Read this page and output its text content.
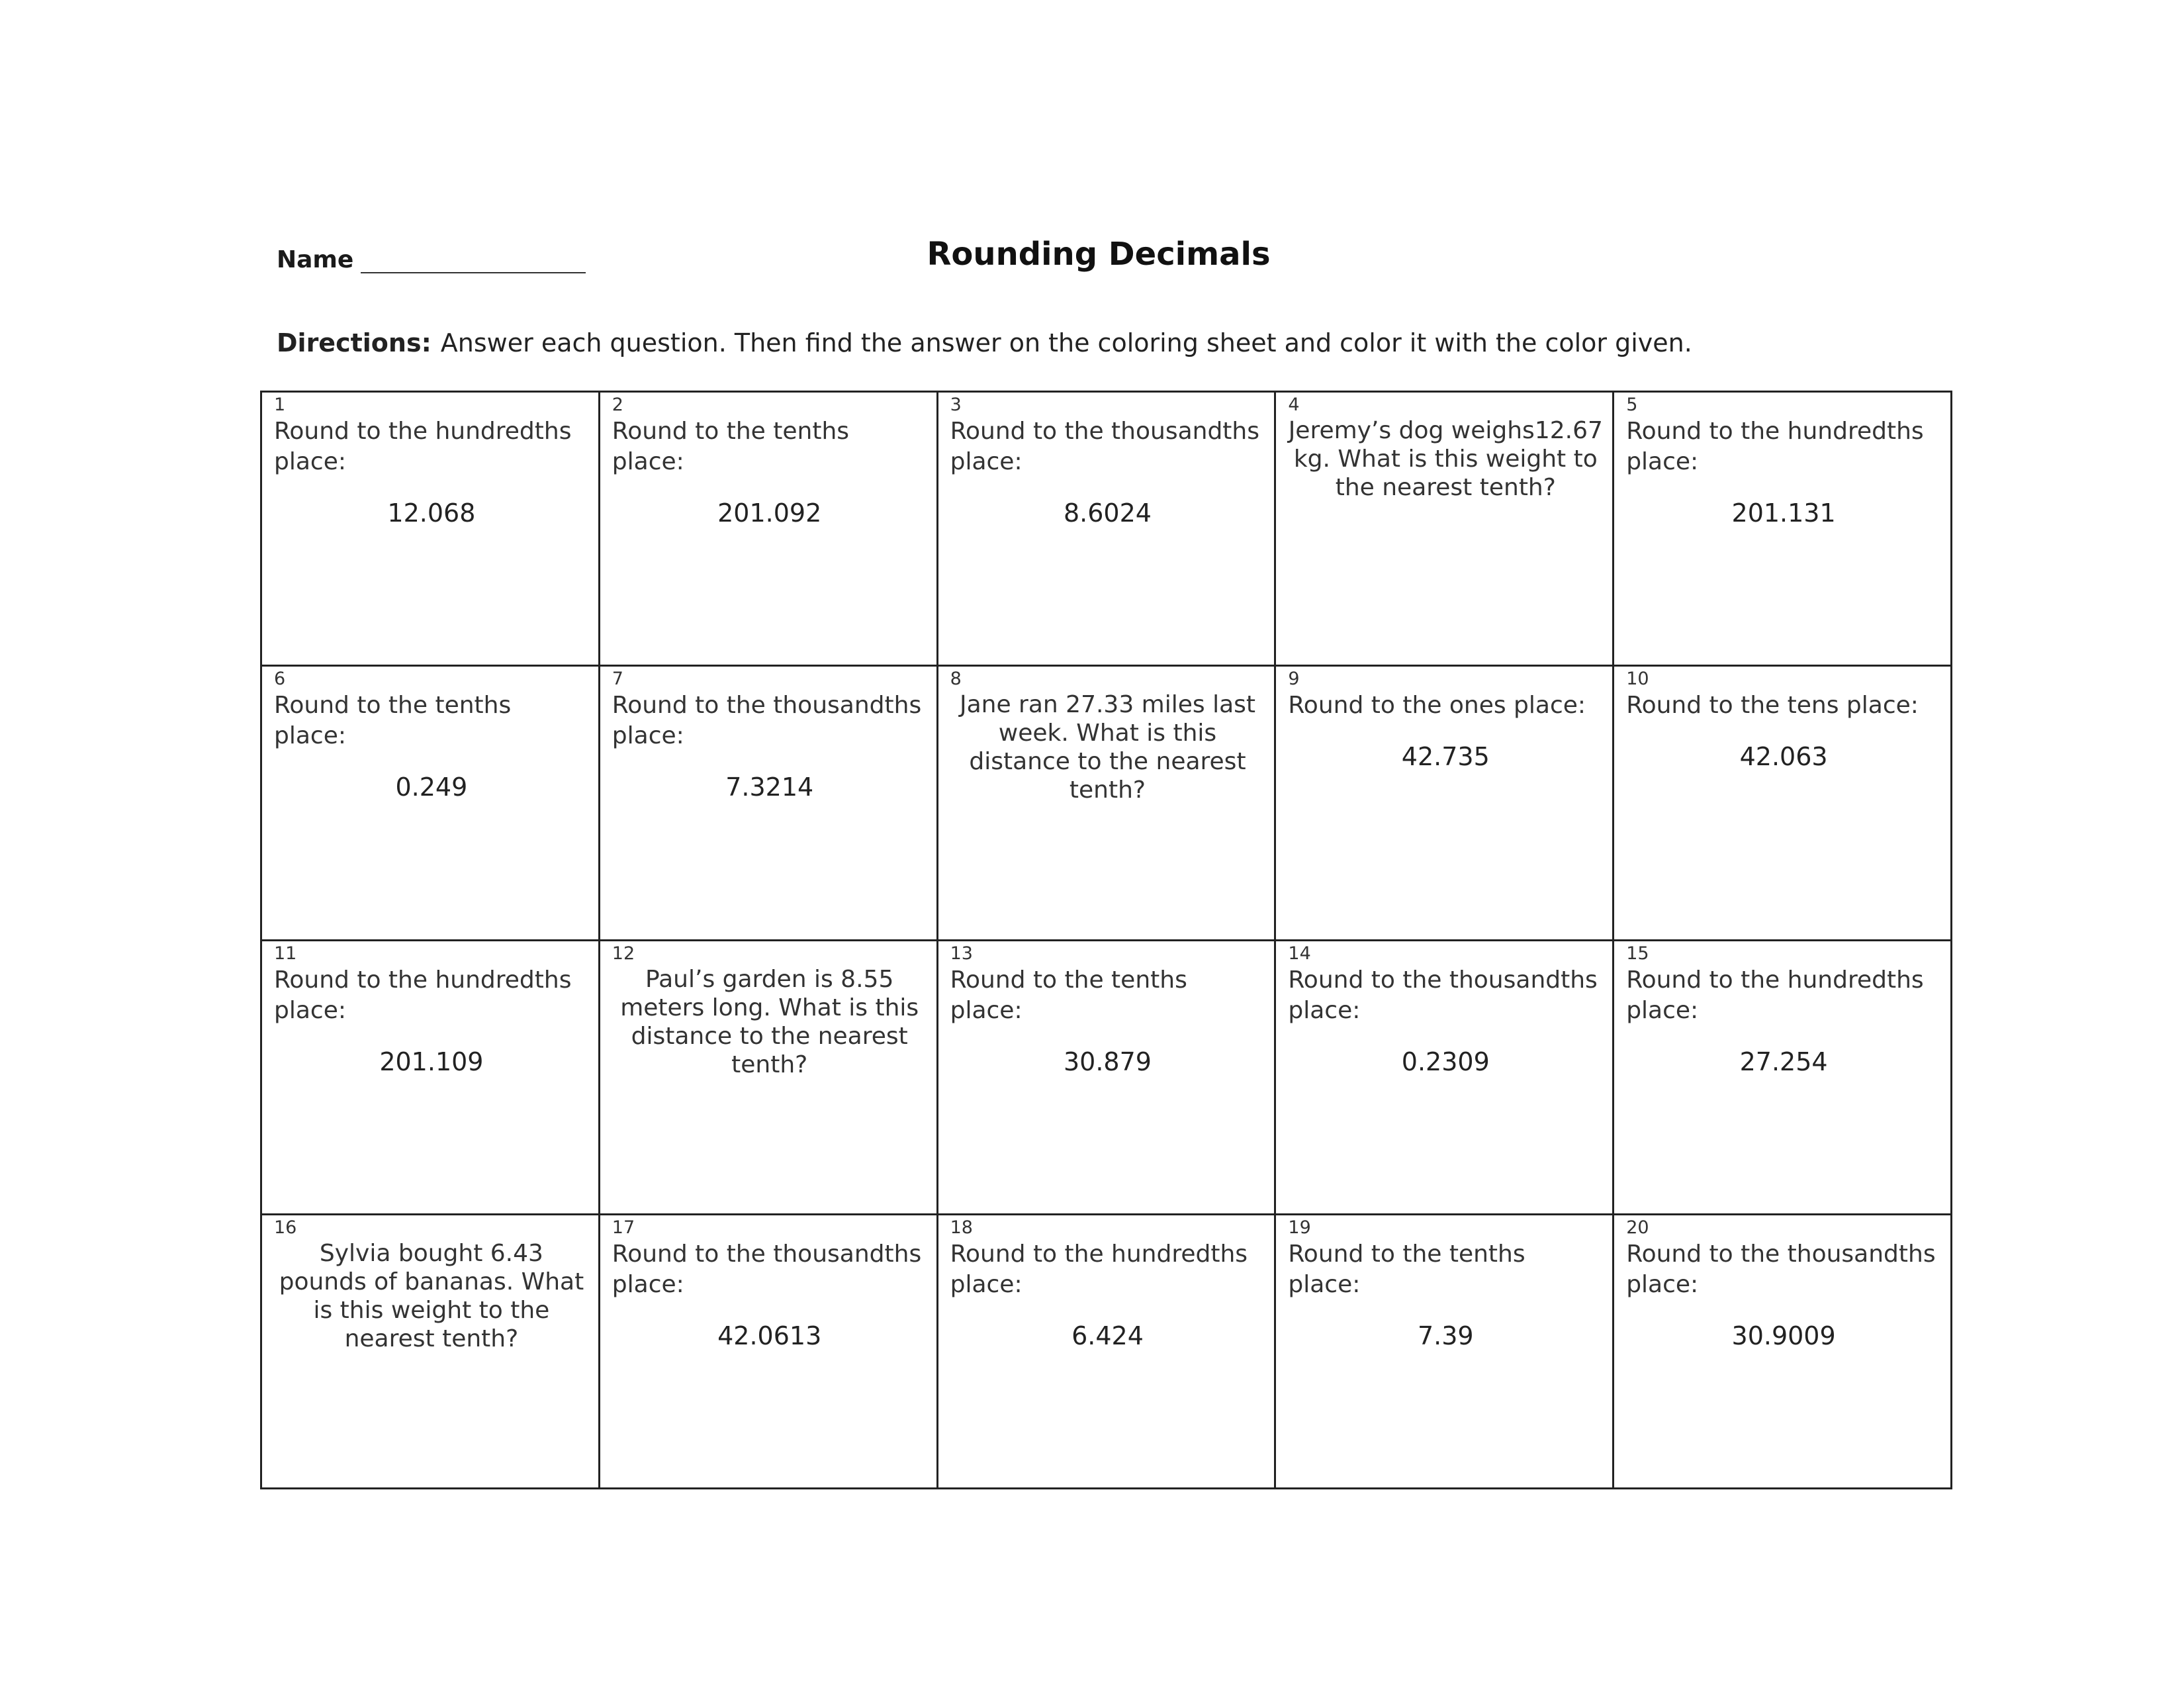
Name	Rounding Decimals
Directions: Answer each question. Then find the answer on the coloring sheet and color it with the color given.
1
Round to the hundredths place:
12.068
2
Round to the tenths place:
201.092
3
Round to the thousandths place:
8.6024
4
Jeremy’s dog weighs12.67 kg. What is this weight to the nearest tenth?
5
Round to the hundredths place:
201.131
6
Round to the tenths place:
0.249
7
Round to the thousandths place:
7.3214
8
Jane ran 27.33 miles last week. What is this distance to the nearest tenth?
9
Round to the ones place:
42.735
10
Round to the tens place:
42.063
11
Round to the hundredths place:
201.109
12
Paul’s garden is 8.55 meters long. What is this distance to the nearest tenth?
13
Round to the tenths place:
30.879
14
Round to the thousandths place:
0.2309
15
Round to the hundredths place:
27.254
16
Sylvia bought 6.43 pounds of bananas. What is this weight to the nearest tenth?
17
Round to the thousandths place:
42.0613
18
Round to the hundredths place:
6.424
19
Round to the tenths place:
7.39
20
Round to the thousandths place:
30.9009
